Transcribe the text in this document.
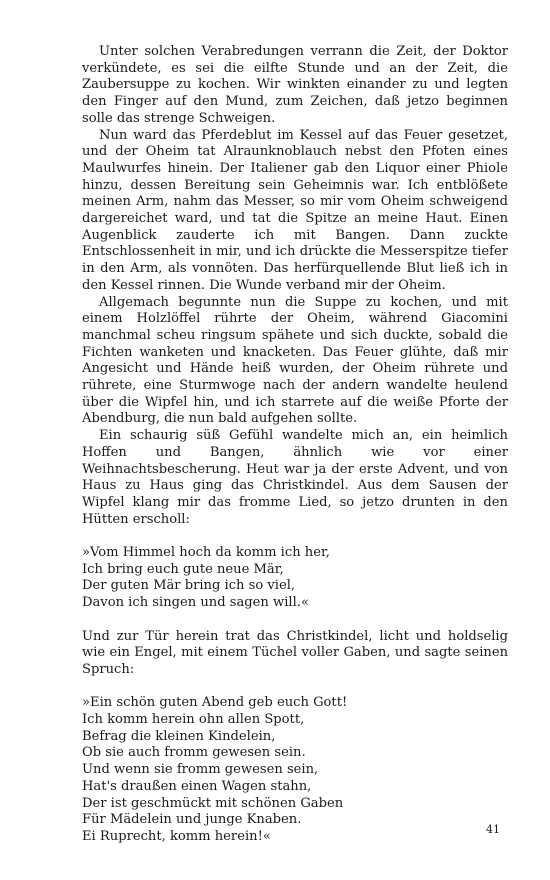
Unter solchen Verabredungen verrann die Zeit, der Doktor verkündete, es sei die eilfte Stunde und an der Zeit, die Zaubersuppe zu kochen. Wir winkten einander zu und legten den Finger auf den Mund, zum Zeichen, daß jetzo beginnen solle das strenge Schweigen.

Nun ward das Pferdeblut im Kessel auf das Feuer gesetzet, und der Oheim tat Alraunknoblauch nebst den Pfoten eines Maulwurfes hinein. Der Italiener gab den Liquor einer Phiole hinzu, dessen Bereitung sein Geheimnis war. Ich entblößete meinen Arm, nahm das Messer, so mir vom Oheim schweigend dargereichet ward, und tat die Spitze an meine Haut. Einen Augenblick zauderte ich mit Bangen. Dann zuckte Entschlossenheit in mir, und ich drückte die Messerspitze tiefer in den Arm, als vonnöten. Das herfürquellende Blut ließ ich in den Kessel rinnen. Die Wunde verband mir der Oheim.

Allgemach begunnte nun die Suppe zu kochen, und mit einem Holzlöffel rührte der Oheim, während Giacomini manchmal scheu ringsum spähete und sich duckte, sobald die Fichten wanketen und knacketen. Das Feuer glühte, daß mir Angesicht und Hände heiß wurden, der Oheim rührete und rührete, eine Sturmwoge nach der andern wandelte heulend über die Wipfel hin, und ich starrete auf die weiße Pforte der Abendburg, die nun bald aufgehen sollte.

Ein schaurig süß Gefühl wandelte mich an, ein heimlich Hoffen und Bangen, ähnlich wie vor einer Weihnachtsbescherung. Heut war ja der erste Advent, und von Haus zu Haus ging das Christkindel. Aus dem Sausen der Wipfel klang mir das fromme Lied, so jetzo drunten in den Hütten erscholl:

»Vom Himmel hoch da komm ich her,
Ich bring euch gute neue Mär,
Der guten Mär bring ich so viel,
Davon ich singen und sagen will.«

Und zur Tür herein trat das Christkindel, licht und holdselig wie ein Engel, mit einem Tüchel voller Gaben, und sagte seinen Spruch:

»Ein schön guten Abend geb euch Gott!
Ich komm herein ohn allen Spott,
Befrag die kleinen Kindelein,
Ob sie auch fromm gewesen sein.
Und wenn sie fromm gewesen sein,
Hat's draußen einen Wagen stahn,
Der ist geschmückt mit schönen Gaben
Für Mädelein und junge Knaben.
Ei Ruprecht, komm herein!«	41
